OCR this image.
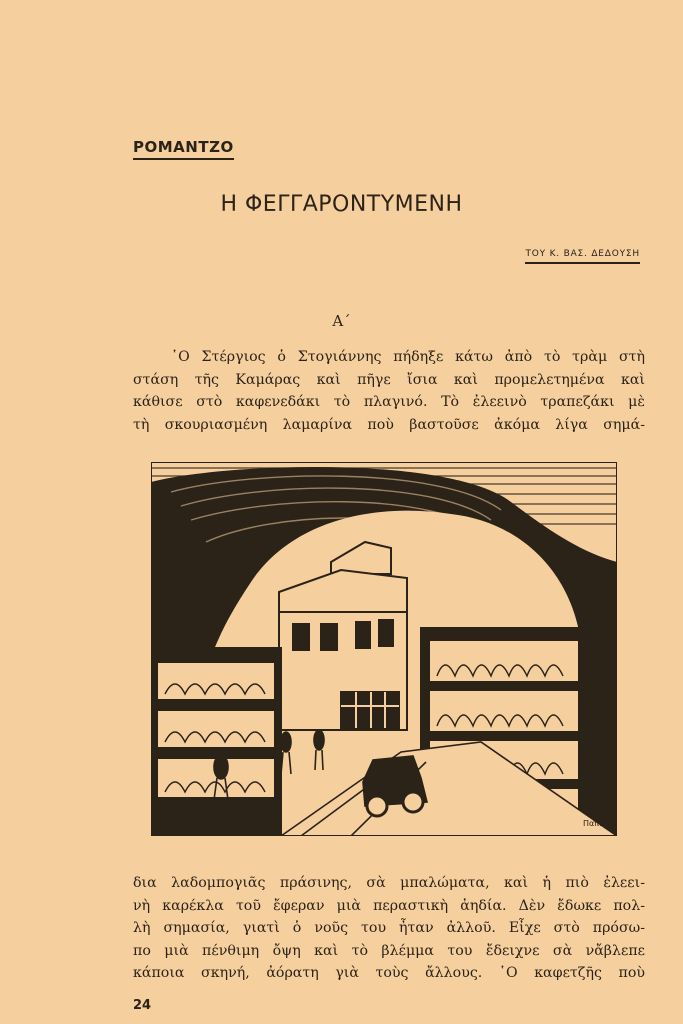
ΡΟΜΑΝΤΖΟ
Η ΦΕΓΓΑΡΟΝΤΥΜΕΝΗ
ΤΟΥ Κ. ΒΑΣ. ΔΕΔΟΥΣΗ
Α΄
῾Ο Στέργιος ὁ Στογιάννης πήδηξε κάτω ἀπὸ τὸ τρὰμ στὴ
στάση τῆς Καμάρας καὶ πῆγε ἴσια καὶ προμελετημένα καὶ
κάθισε στὸ καφενεδάκι τὸ πλαγινό. Τὸ ἐλεεινὸ τραπεζάκι μὲ
τὴ σκουριασμένη λαμαρίνα ποὺ βαστοῦσε ἀκόμα λίγα σημά-
Παπ.Ρ
δια λαδομπογιᾶς πράσινης, σὰ μπαλώματα, καὶ ἡ πιὸ ἐλεει-
νὴ καρέκλα τοῦ ἔφεραν μιὰ περαστικὴ ἀηδία. Δὲν ἔδωκε πολ-
λὴ σημασία, γιατὶ ὁ νοῦς του ἦταν ἀλλοῦ. Εἶχε στὸ πρόσω-
πο μιὰ πένθιμη ὄψη καὶ τὸ βλέμμα του ἔδειχνε σὰ νἄβλεπε
κάποια σκηνή, ἀόρατη γιὰ τοὺς ἄλλους. ῾Ο καφετζῆς ποὺ
24
